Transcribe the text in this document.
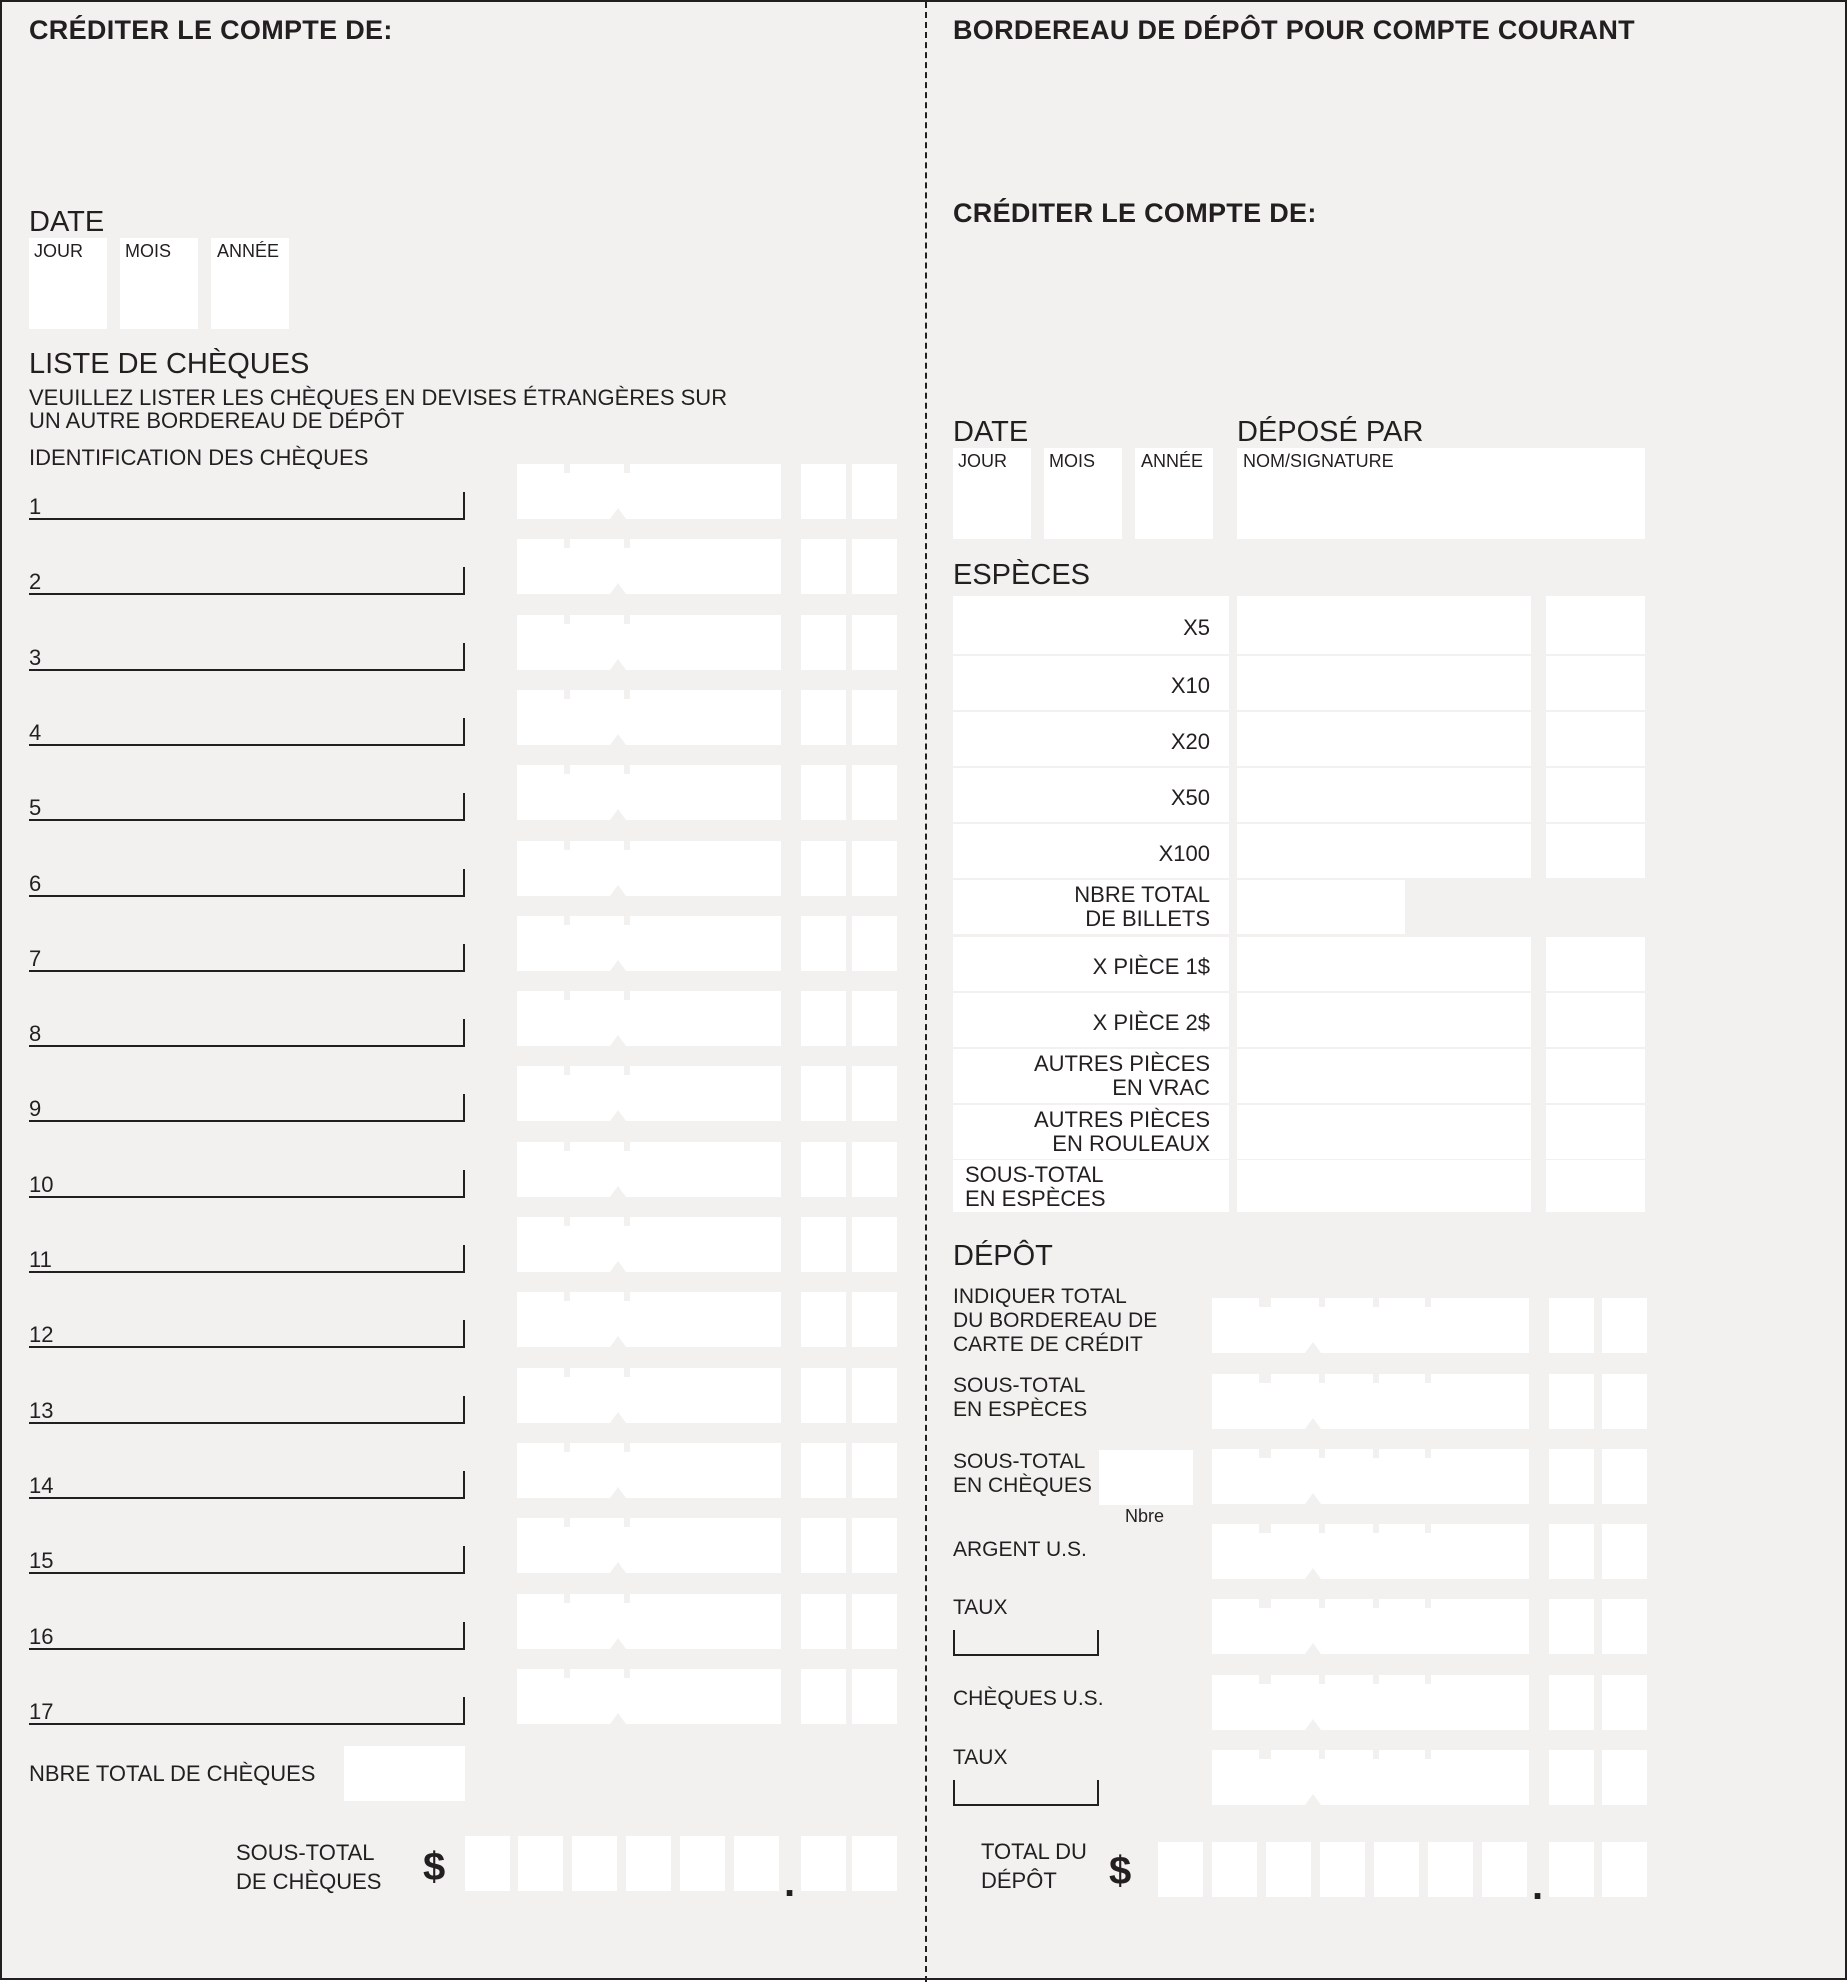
CRÉDITER LE COMPTE DE:
DATE
JOUR MOIS	ANNÉE
LISTE DE CHÈQUES
VEUILLEZ LISTER LES CHÈQUES EN DEVISES ÉTRANGÈRES SUR
UN AUTRE BORDEREAU DE DÉPÔT
IDENTIFICATION DES CHÈQUES
1
2
3
4
5
6
7
8
9
10
11
12
13
14
15
16
17
NBRE TOTAL DE CHÈQUES
SOUS-TOTAL
DE CHÈQUES $	.
BORDEREAU DE DÉPÔT POUR COMPTE COURANT
CRÉDITER LE COMPTE DE:
DATE
JOUR MOIS	ANNÉE
DÉPOSÉ PAR
NOM/SIGNATURE
ESPÈCES
X5
X10
X20
X50
X100
NBRE TOTAL
DE BILLETS
X PIÈCE 1$
X PIÈCE 2$
AUTRES PIÈCES
EN VRAC
AUTRES PIÈCES
EN ROULEAUX
SOUS-TOTAL
EN ESPÈCES
DÉPÔT
INDIQUER TOTAL
DU BORDEREAU DE
CARTE DE CRÉDIT
SOUS-TOTAL
EN ESPÈCES
SOUS-TOTAL
EN CHÈQUES
ARGENT U.S.
TAUX
CHÈQUES U.S.
TAUX
Nbre
TOTAL DU
DÉPÔT $	.
